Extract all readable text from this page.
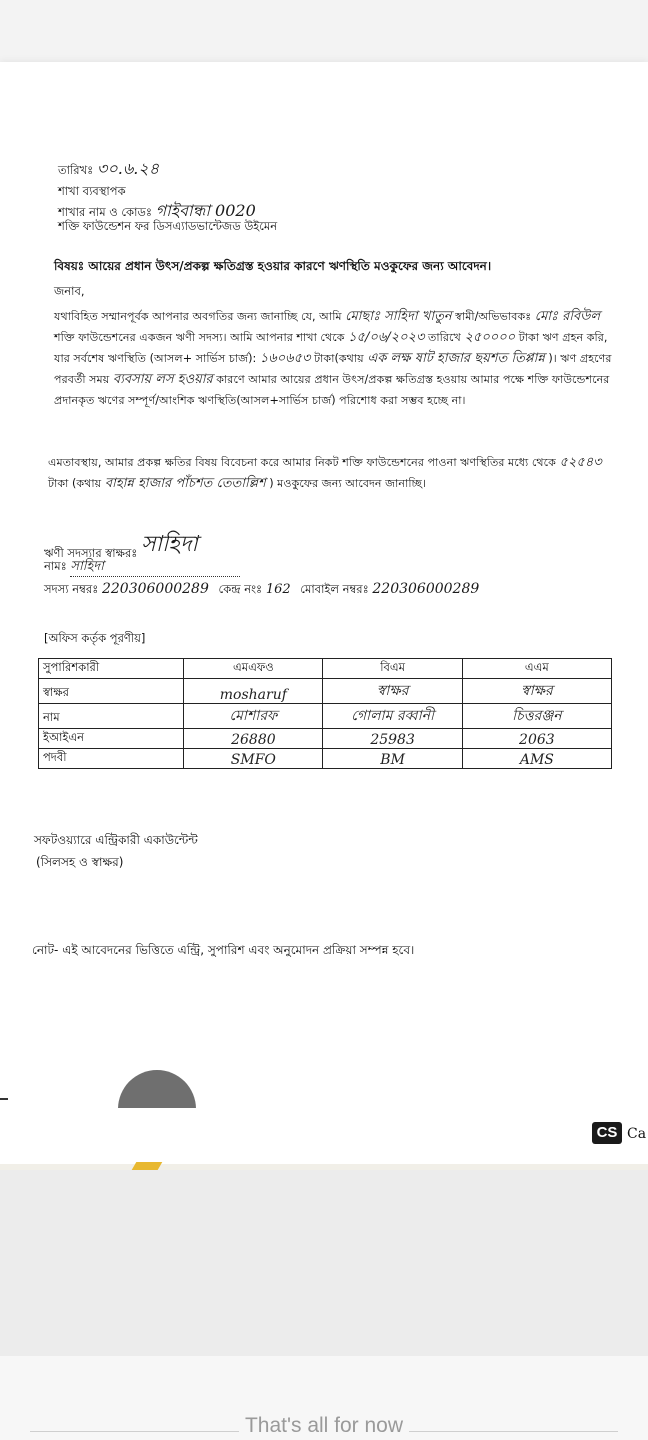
তারিখঃ ৩০.৬.২৪
শাখা ব্যবস্থাপক
শাখার নাম ও কোডঃ গাইবান্ধা 0020
শক্তি ফাউন্ডেশন ফর ডিসএ্যাডভান্টেজড উইমেন
বিষয়ঃ আয়ের প্রধান উৎস/প্রকল্প ক্ষতিগ্রস্ত হওয়ার কারণে ঋণস্থিতি মওকুফের জন্য আবেদন।
জনাব,
যথাবিহিত সম্মানপূর্বক আপনার অবগতির জন্য জানাচ্ছি যে, আমি মোছাঃ সাহিদা খাতুন স্বামী/অভিভাবকঃ মোঃ রবিউল শক্তি ফাউন্ডেশনের একজন ঋণী সদস্য। আমি আপনার শাখা থেকে ১৫/০৬/২০২৩ তারিখে ২৫০০০০ টাকা ঋণ গ্রহন করি, যার সর্বশেষ ঋণস্থিতি (আসল+ সার্ভিস চার্জ): ১৬০৬৫৩ টাকা(কথায় এক লক্ষ ষাট হাজার ছয়শত তিপ্পান্ন )। ঋণ গ্রহণের পরবর্তী সময় ব্যবসায় লস হওয়ার কারণে আমার আয়ের প্রধান উৎস/প্রকল্প ক্ষতিগ্রস্ত হওয়ায় আমার পক্ষে শক্তি ফাউন্ডেশনের প্রদানকৃত ঋণের সম্পূর্ণ/আংশিক ঋণস্থিতি(আসল+সার্ভিস চার্জ) পরিশোধ করা সম্ভব হচ্ছে না।
এমতাবস্থায়, আমার প্রকল্প ক্ষতির বিষয় বিবেচনা করে আমার নিকট শক্তি ফাউন্ডেশনের পাওনা ঋণস্থিতির মধ্যে থেকে ৫২৫৪৩ টাকা (কথায় বাহান্ন হাজার পাঁচশত তেতাল্লিশ ) মওকুফের জন্য আবেদন জানাচ্ছি।
ঋণী সদস্যার স্বাক্ষরঃ সাহিদা
নামঃ সাহিদা
সদস্য নম্বরঃ 220306000289 কেন্দ্র নংঃ 162 মোবাইল নম্বরঃ 220306000289
[অফিস কর্তৃক পূরণীয়]
সুপারিশকারী	এমএফও	বিএম	এএম
স্বাক্ষর	mosharuf	স্বাক্ষর	স্বাক্ষর
নাম	মোশারফ	গোলাম রব্বানী	চিত্তরঞ্জন
ইআইএন	26880	25983	2063
পদবী	SMFO	BM	AMS
সফটওয়্যারে এন্ট্রিকারী একাউন্টেন্ট
(সিলসহ ও স্বাক্ষর)
নোট- এই আবেদনের ভিত্তিতে এন্ট্রি, সুপারিশ এবং অনুমোদন প্রক্রিয়া সম্পন্ন হবে।
CS Ca
That's all for now
